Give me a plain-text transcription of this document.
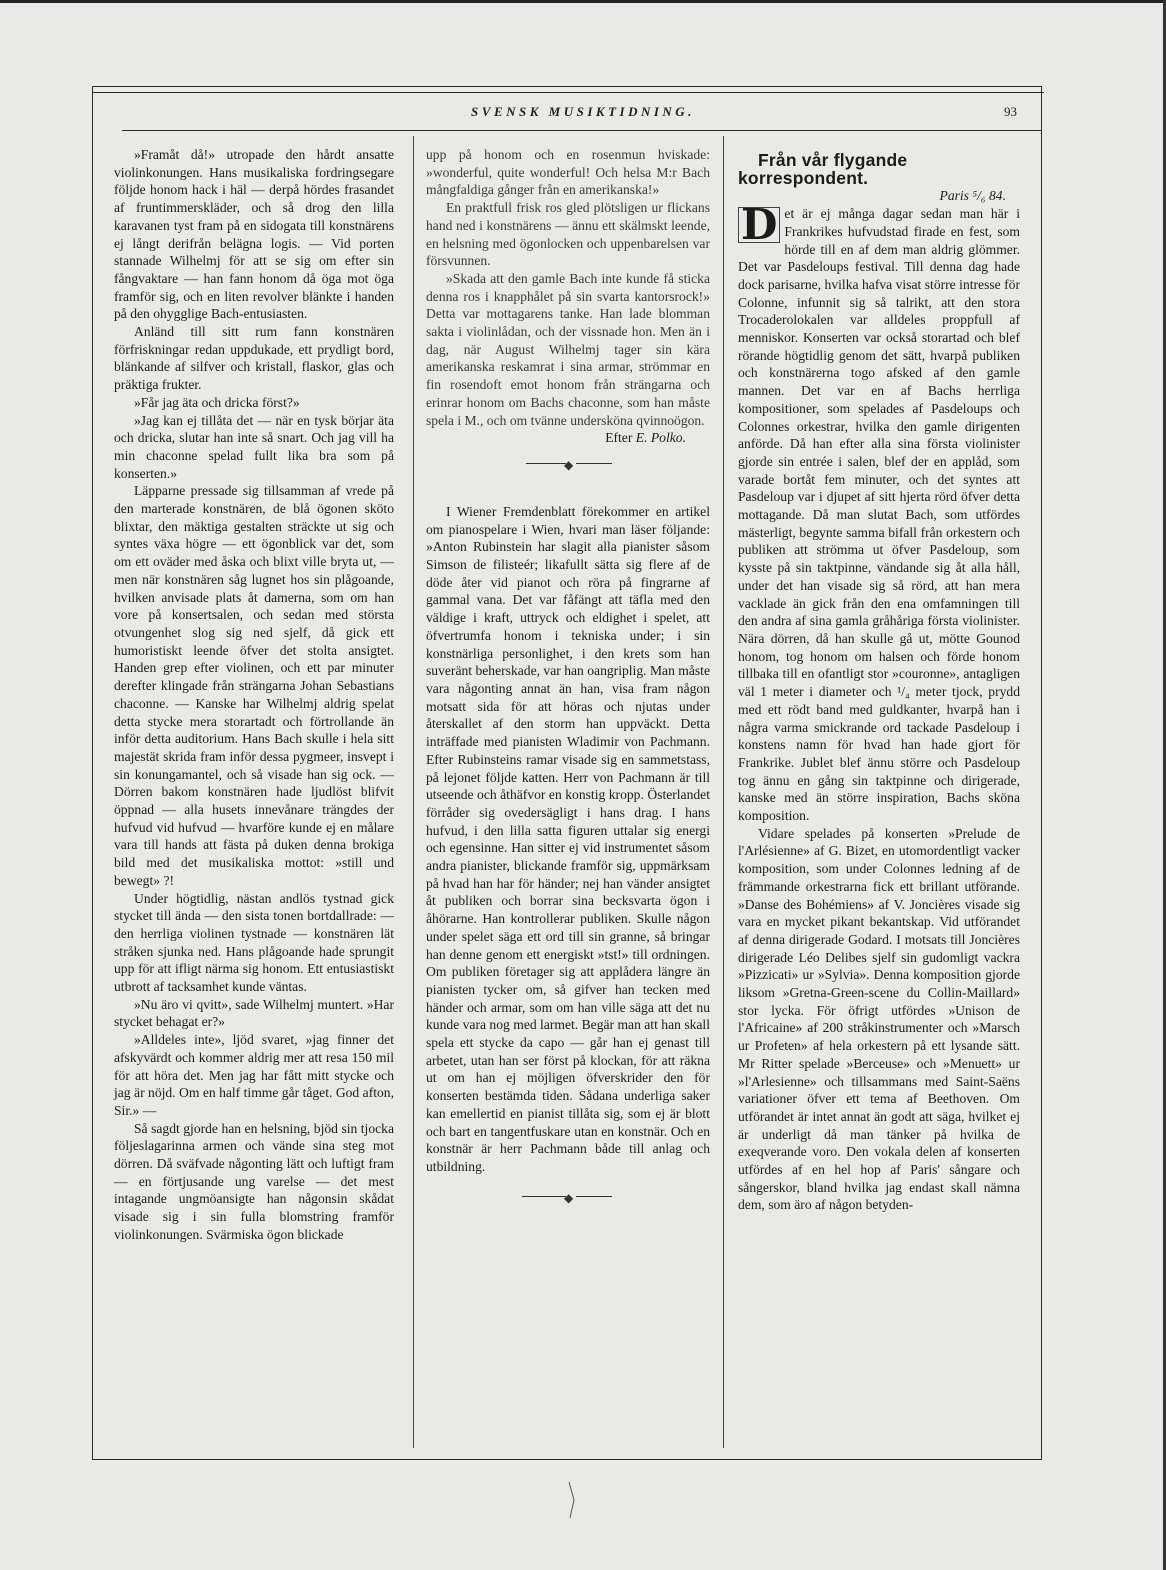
SVENSK MUSIKTIDNING.	93

»Framåt då!» utropade den hårdt ansatte violinkonungen. Hans musikaliska fordringsegare följde honom hack i häl — derpå hördes frasandet af fruntimmerskläder, och så drog den lilla karavanen tyst fram på en sidogata till konstnärens ej långt derifrån belägna logis. — Vid porten stannade Wilhelmj för att se sig om efter sin fångvaktare — han fann honom då öga mot öga framför sig, och en liten revolver blänkte i handen på den ohygglige Bach-entusiasten.

Anländ till sitt rum fann konstnären förfriskningar redan uppdukade, ett prydligt bord, blänkande af silfver och kristall, flaskor, glas och präktiga frukter.

»Får jag äta och dricka först?»

»Jag kan ej tillåta det — när en tysk börjar äta och dricka, slutar han inte så snart. Och jag vill ha min chaconne spelad fullt lika bra som på konserten.»

Läpparne pressade sig tillsamman af vrede på den marterade konstnären, de blå ögonen sköto blixtar, den mäktiga gestalten sträckte ut sig och syntes växa högre — ett ögonblick var det, som om ett oväder med åska och blixt ville bryta ut, — men när konstnären såg lugnet hos sin plågoande, hvilken anvisade plats åt damerna, som om han vore på konsertsalen, och sedan med största otvungenhet slog sig ned sjelf, då gick ett humoristiskt leende öfver det stolta ansigtet. Handen grep efter violinen, och ett par minuter derefter klingade från strängarna Johan Sebastians chaconne. — Kanske har Wilhelmj aldrig spelat detta stycke mera storartadt och förtrollande än inför detta auditorium. Hans Bach skulle i hela sitt majestät skrida fram inför dessa pygmeer, insvept i sin konungamantel, och så visade han sig ock. — Dörren bakom konstnären hade ljudlöst blifvit öppnad — alla husets innevånare trängdes der hufvud vid hufvud — hvarföre kunde ej en målare vara till hands att fästa på duken denna brokiga bild med det musikaliska mottot: »still und bewegt» ?!

Under högtidlig, nästan andlös tystnad gick stycket till ända — den sista tonen bortdallrade: — den herrliga violinen tystnade — konstnären lät stråken sjunka ned. Hans plågoande hade sprungit upp för att ifligt närma sig honom. Ett entusiastiskt utbrott af tacksamhet kunde väntas.

»Nu äro vi qvitt», sade Wilhelmj muntert. »Har stycket behagat er?»

»Alldeles inte», ljöd svaret, »jag finner det afskyvärdt och kommer aldrig mer att resa 150 mil för att höra det. Men jag har fått mitt stycke och jag är nöjd. Om en half timme går tåget. God afton, Sir.» —

Så sagdt gjorde han en helsning, bjöd sin tjocka följeslagarinna armen och vände sina steg mot dörren. Då sväfvade någonting lätt och luftigt fram — en förtjusande ung varelse — det mest intagande ungmöansigte han någonsin skådat visade sig i sin fulla blomstring framför violinkonungen. Svärmiska ögon blickade

upp på honom och en rosenmun hviskade: »wonderful, quite wonderful! Och helsa M:r Bach mångfaldiga gånger från en amerikanska!»

En praktfull frisk ros gled plötsligen ur flickans hand ned i konstnärens — ännu ett skälmskt leende, en helsning med ögonlocken och uppenbarelsen var försvunnen.

»Skada att den gamle Bach inte kunde få sticka denna ros i knapphålet på sin svarta kantorsrock!» Detta var mottagarens tanke. Han lade blomman sakta i violinlådan, och der vissnade hon. Men än i dag, när August Wilhelmj tager sin kära amerikanska reskamrat i sina armar, strömmar en fin rosendoft emot honom från strängarna och erinrar honom om Bachs chaconne, som han måste spela i M., och om tvänne undersköna qvinnoögon.

Efter E. Polko.

◆

I Wiener Fremdenblatt förekommer en artikel om pianospelare i Wien, hvari man läser följande: »Anton Rubinstein har slagit alla pianister såsom Simson de filisteér; likafullt sätta sig flere af de döde åter vid pianot och röra på fingrarne af gammal vana. Det var fåfängt att täfla med den väldige i kraft, uttryck och eldighet i spelet, att öfvertrumfa honom i tekniska under; i sin konstnärliga personlighet, i den krets som han suveränt beherskade, var han oangriplig. Man måste vara någonting annat än han, visa fram någon motsatt sida för att höras och njutas under återskallet af den storm han uppväckt. Detta inträffade med pianisten Wladimir von Pachmann. Efter Rubinsteins ramar visade sig en sammetstass, på lejonet följde katten. Herr von Pachmann är till utseende och åthäfvor en konstig kropp. Österlandet förråder sig ovedersägligt i hans drag. I hans hufvud, i den lilla satta figuren uttalar sig energi och egensinne. Han sitter ej vid instrumentet såsom andra pianister, blickande framför sig, uppmärksam på hvad han har för händer; nej han vänder ansigtet åt publiken och borrar sina becksvarta ögon i åhörarne. Han kontrollerar publiken. Skulle någon under spelet säga ett ord till sin granne, så bringar han denne genom ett energiskt »tst!» till ordningen. Om publiken företager sig att applådera längre än pianisten tycker om, så gifver han tecken med händer och armar, som om han ville säga att det nu kunde vara nog med larmet. Begär man att han skall spela ett stycke da capo — går han ej genast till arbetet, utan han ser först på klockan, för att räkna ut om han ej möjligen öfverskrider den för konserten bestämda tiden. Sådana underliga saker kan emellertid en pianist tillåta sig, som ej är blott och bart en tangentfuskare utan en konstnär. Och en konstnär är herr Pachmann både till anlag och utbildning.

◆

Från vår flygande korrespondent.

Paris ⁵/₆ 84.

D et är ej många dagar sedan man här i Frankrikes hufvudstad firade en fest, som hörde till en af dem man aldrig glömmer. Det var Pasdeloups festival. Till denna dag hade dock parisarne, hvilka hafva visat större intresse för Colonne, infunnit sig så talrikt, att den stora Trocaderolokalen var alldeles proppfull af menniskor. Konserten var också storartad och blef rörande högtidlig genom det sätt, hvarpå publiken och konstnärerna togo afsked af den gamle mannen. Det var en af Bachs herrliga kompositioner, som spelades af Pasdeloups och Colonnes orkestrar, hvilka den gamle dirigenten anförde. Då han efter alla sina första violinister gjorde sin entrée i salen, blef der en applåd, som varade bortåt fem minuter, och det syntes att Pasdeloup var i djupet af sitt hjerta rörd öfver detta mottagande. Då man slutat Bach, som utfördes mästerligt, begynte samma bifall från orkestern och publiken att strömma ut öfver Pasdeloup, som kysste på sin taktpinne, vändande sig åt alla håll, under det han visade sig så rörd, att han mera vacklade än gick från den ena omfamningen till den andra af sina gamla gråhåriga första violinister. Nära dörren, då han skulle gå ut, mötte Gounod honom, tog honom om halsen och förde honom tillbaka till en ofantligt stor »couronne», antagligen väl 1 meter i diameter och ¹/₄ meter tjock, prydd med ett rödt band med guldkanter, hvarpå han i några varma smickrande ord tackade Pasdeloup i konstens namn för hvad han hade gjort för Frankrike. Jublet blef ännu större och Pasdeloup tog ännu en gång sin taktpinne och dirigerade, kanske med än större inspiration, Bachs sköna komposition.

Vidare spelades på konserten »Prelude de l'Arlésienne» af G. Bizet, en utomordentligt vacker komposition, som under Colonnes ledning af de främmande orkestrarna fick ett brillant utförande. »Danse des Bohémiens» af V. Joncières visade sig vara en mycket pikant bekantskap. Vid utförandet af denna dirigerade Godard. I motsats till Joncières dirigerade Léo Delibes sjelf sin gudomligt vackra »Pizzicati» ur »Sylvia». Denna komposition gjorde liksom »Gretna-Green-scene du Collin-Maillard» stor lycka. För öfrigt utfördes »Unison de l'Africaine» af 200 stråkinstrumenter och »Marsch ur Profeten» af hela orkestern på ett lysande sätt. Mr Ritter spelade »Berceuse» och »Menuett» ur »l'Arlesienne» och tillsammans med Saint-Saëns variationer öfver ett tema af Beethoven. Om utförandet är intet annat än godt att säga, hvilket ej är underligt då man tänker på hvilka de exeqverande voro. Den vokala delen af konserten utfördes af en hel hop af Paris' sångare och sångerskor, bland hvilka jag endast skall nämna dem, som äro af någon betyden-
